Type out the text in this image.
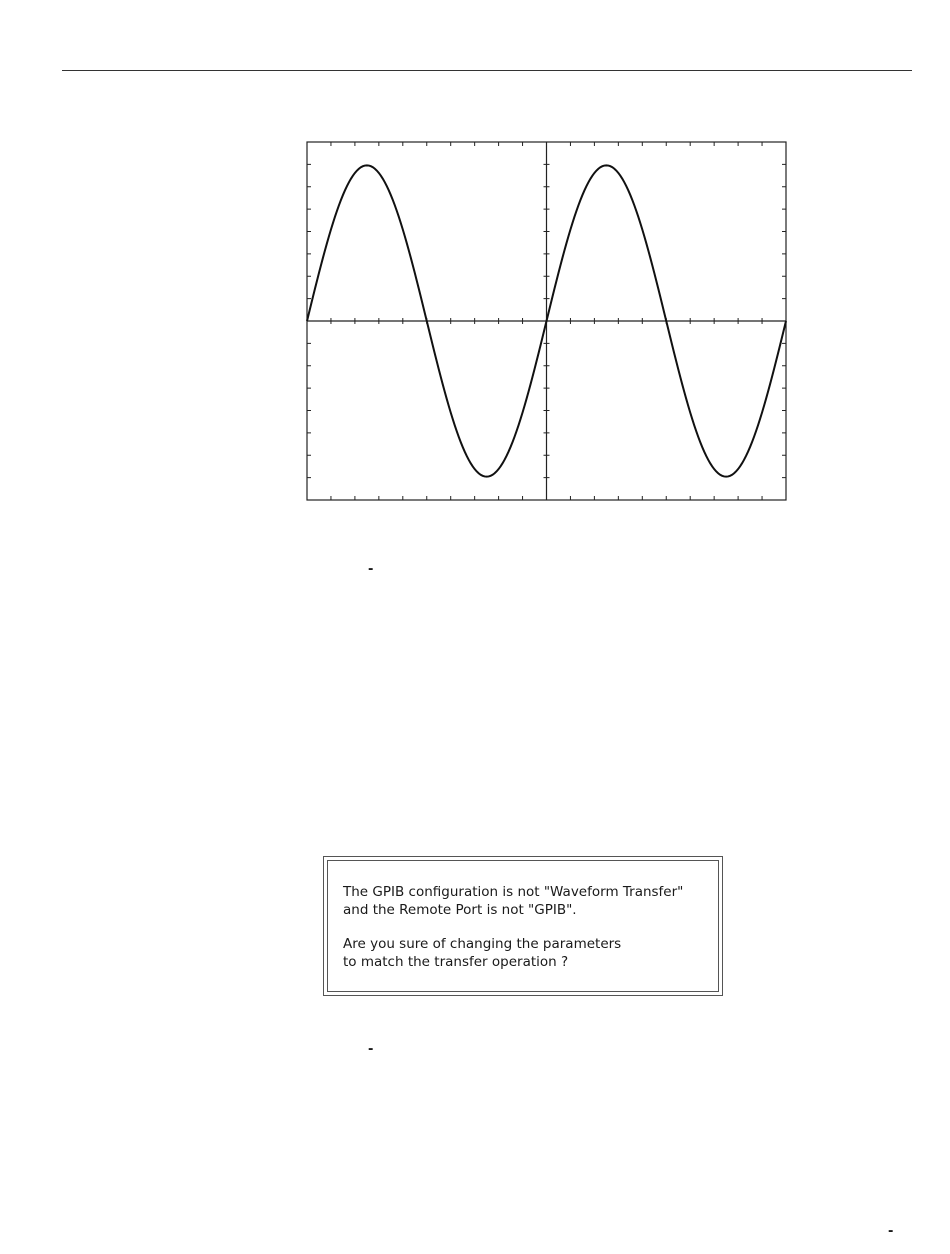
-
The GPIB configuration is not "Waveform Transfer"
and the Remote Port is not "GPIB".
Are you sure of changing the parameters
to match the transfer operation ?
-
-
